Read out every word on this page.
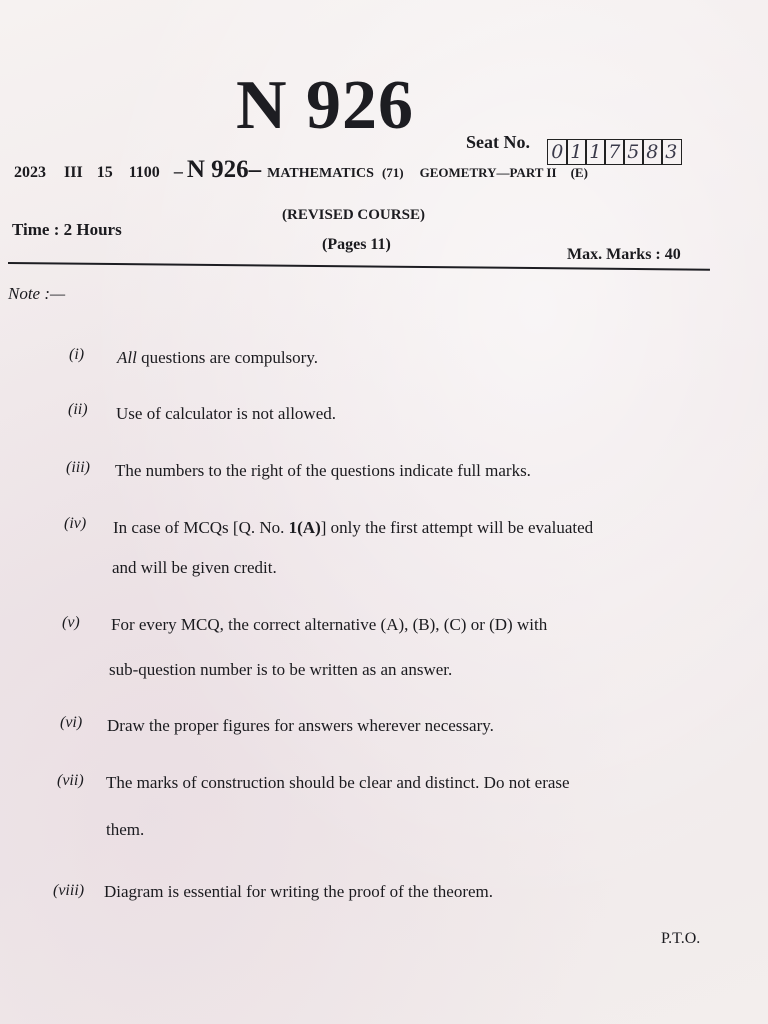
N 926	Seat No. 0 1 1 7 5 8 3
2023 III 15 1100 – N 926– MATHEMATICS (71) GEOMETRY—PART II (E)
(REVISED COURSE)
Time : 2 Hours
(Pages 11)
Max. Marks : 40
Note :—
(i) All questions are compulsory.
(ii) Use of calculator is not allowed.
(iii) The numbers to the right of the questions indicate full marks.
(iv) In case of MCQs [Q. No. 1(A)] only the first attempt will be evaluated
and will be given credit.
(v) For every MCQ, the correct alternative (A), (B), (C) or (D) with
sub-question number is to be written as an answer.
(vi) Draw the proper figures for answers wherever necessary.
(vii) The marks of construction should be clear and distinct. Do not erase
them.
(viii) Diagram is essential for writing the proof of the theorem.
P.T.O.
